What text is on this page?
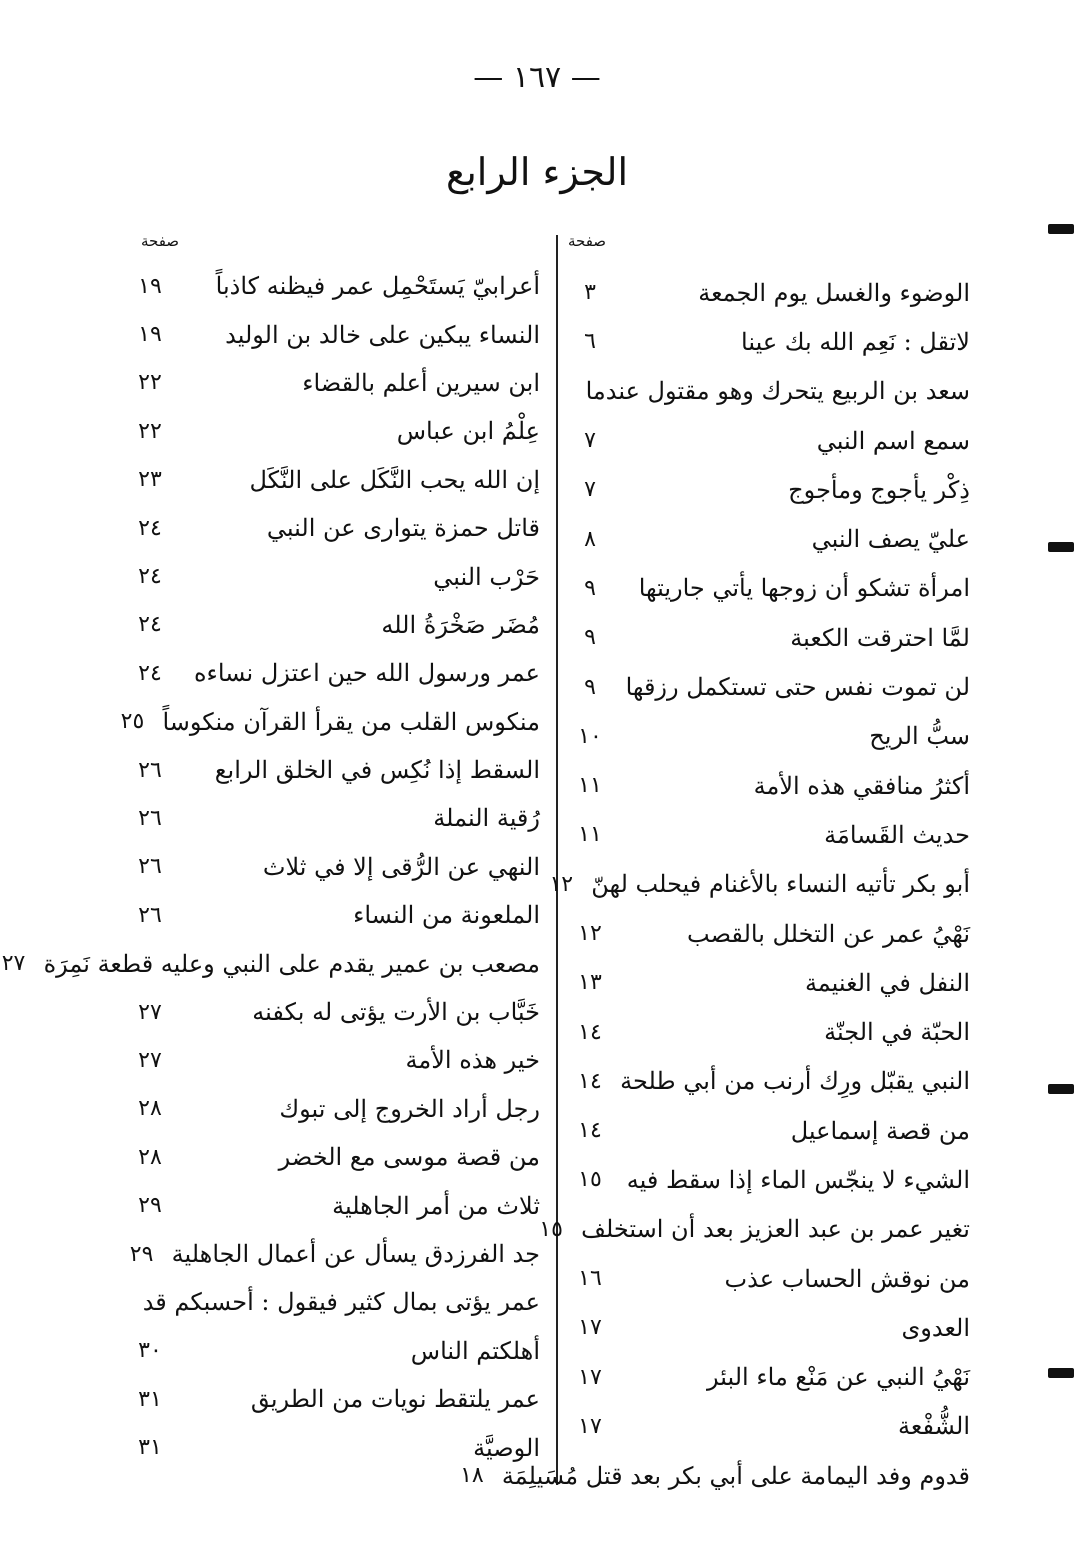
— ١٦٧ —
الجزء الرابع
صفحة
صفحة
الوضوء والغسل يوم الجمعة
٣
لاتقل : نَعِم الله بك عينا
٦
سعد بن الربيع يتحرك وهو مقتول عندما
سمع اسم النبي
٧
ذِكْر يأجوج ومأجوج
٧
عليّ يصف النبي
٨
امرأة تشكو أن زوجها يأتي جاريتها
٩
لمَّا احترقت الكعبة
٩
لن تموت نفس حتى تستكمل رزقها
٩
سبُّ الريح
١٠
أكثرُ منافقي هذه الأمة
١١
حديث القَسامَة
١١
أبو بكر تأتيه النساء بالأغنام فيحلب لهنّ
١٢
نَهْيُ عمر عن التخلل بالقصب
١٢
النفل في الغنيمة
١٣
الحبّة في الجنّة
١٤
النبي يقبّل ورِك أرنب من أبي طلحة
١٤
من قصة إسماعيل
١٤
الشيء لا ينجّس الماء إذا سقط فيه
١٥
تغير عمر بن عبد العزيز بعد أن استخلف
١٥
من نوقش الحساب عذب
١٦
العدوى
١٧
نَهْيُ النبي عن مَنْع ماء البئر
١٧
الشُّفْعة
١٧
قدوم وفد اليمامة على أبي بكر بعد قتل مُسَيلِمَة
١٨
أعرابيّ يَستَحْمِل عمر فيظنه كاذباً
١٩
النساء يبكين على خالد بن الوليد
١٩
ابن سيرين أعلم بالقضاء
٢٢
عِلْمُ ابن عباس
٢٢
إن الله يحب النَّكَل على النَّكَل
٢٣
قاتل حمزة يتوارى عن النبي
٢٤
حَرْب النبي
٢٤
مُضَر صَخْرَةُ الله
٢٤
عمر ورسول الله حين اعتزل نساءه
٢٤
منكوس القلب من يقرأ القرآن منكوساً
٢٥
السقط إذا نُكِس في الخلق الرابع
٢٦
رُقية النملة
٢٦
النهي عن الرُّقى إلا في ثلاث
٢٦
الملعونة من النساء
٢٦
مصعب بن عمير يقدم على النبي وعليه قطعة نَمِرَة
٢٧
خَبَّاب بن الأرت يؤتى له بكفنه
٢٧
خير هذه الأمة
٢٧
رجل أراد الخروج إلى تبوك
٢٨
من قصة موسى مع الخضر
٢٨
ثلاث من أمر الجاهلية
٢٩
جد الفرزدق يسأل عن أعمال الجاهلية
٢٩
عمر يؤتى بمال كثير فيقول : أحسبكم قد
أهلكتم الناس
٣٠
عمر يلتقط نويات من الطريق
٣١
الوصيَّة
٣١
